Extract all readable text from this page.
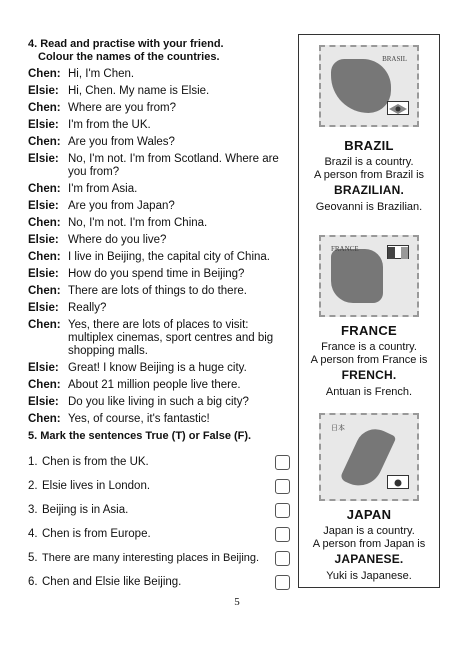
4. Read and practise with your friend.
Colour the names of the countries.
Chen: Hi, I'm Chen.
Elsie: Hi, Chen. My name is Elsie.
Chen: Where are you from?
Elsie: I'm from the UK.
Chen: Are you from Wales?
Elsie: No, I'm not. I'm from Scotland. Where are you from?
Chen: I'm from Asia.
Elsie: Are you from Japan?
Chen: No, I'm not. I'm from China.
Elsie: Where do you live?
Chen: I live in Beijing, the capital city of China.
Elsie: How do you spend time in Beijing?
Chen: There are lots of things to do there.
Elsie: Really?
Chen: Yes, there are lots of places to visit: multiplex cinemas, sport centres and big shopping malls.
Elsie: Great! I know Beijing is a huge city.
Chen: About 21 million people live there.
Elsie: Do you like living in such a big city?
Chen: Yes, of course, it's fantastic!
5. Mark the sentences True (T) or False (F).
1. Chen is from the UK.
2. Elsie lives in London.
3. Beijing is in Asia.
4. Chen is from Europe.
5. There are many interesting places in Beijing.
6. Chen and Elsie like Beijing.
BRASIL
BRAZIL
Brazil is a country.
A person from Brazil is
BRAZILIAN.
Geovanni is Brazilian.
FRANCE
FRANCE
France is a country.
A person from France is
FRENCH.
Antuan is French.
日本
JAPAN
Japan is a country.
A person from Japan is
JAPANESE.
Yuki is Japanese.
5
